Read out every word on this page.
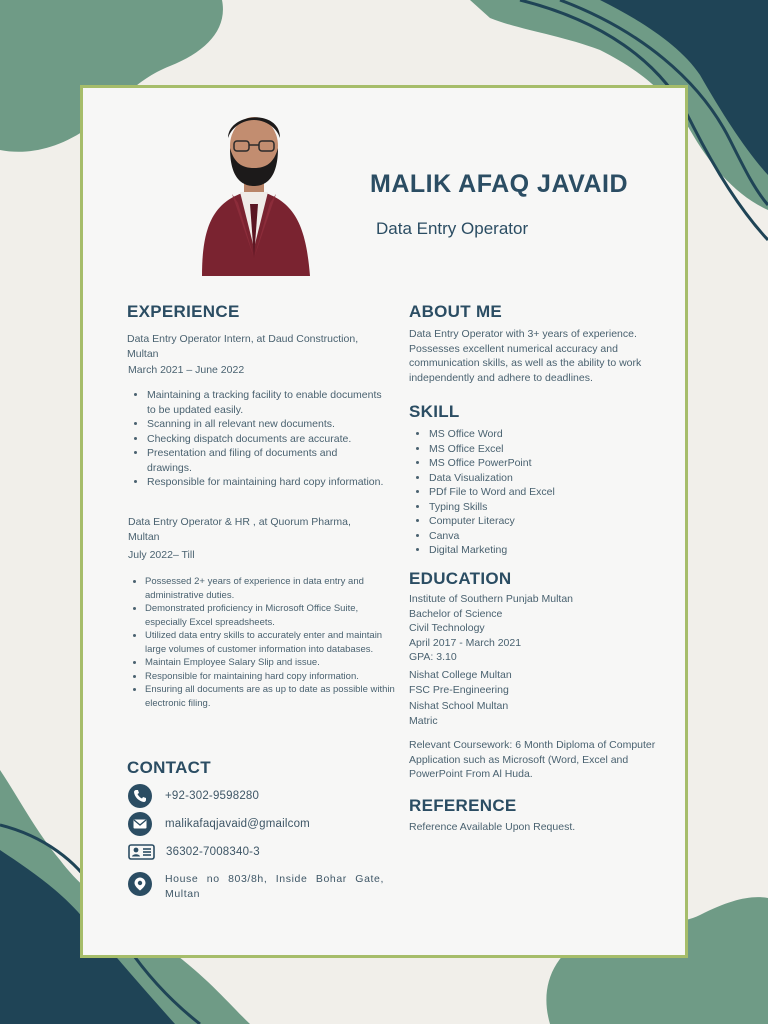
MALIK AFAQ JAVAID
Data Entry Operator
EXPERIENCE
Data Entry Operator Intern, at Daud Construction, Multan
March 2021 – June 2022
• Maintaining a tracking facility to enable documents to be updated easily.
• Scanning in all relevant new documents.
• Checking dispatch documents are accurate.
• Presentation and filing of documents and drawings.
• Responsible for maintaining hard copy information.
Data Entry Operator & HR , at Quorum Pharma, Multan
July 2022– Till
• Possessed 2+ years of experience in data entry and administrative duties.
• Demonstrated proficiency in Microsoft Office Suite, especially Excel spreadsheets.
• Utilized data entry skills to accurately enter and maintain large volumes of customer information into databases.
• Maintain Employee Salary Slip and issue.
• Responsible for maintaining hard copy information.
• Ensuring all documents are as up to date as possible within electronic filing.
CONTACT
+92-302-9598280
malikafaqjavaid@gmailcom
36302-7008340-3
House no 803/8h, Inside Bohar Gate, Multan
ABOUT ME
Data Entry Operator with 3+ years of experience. Possesses excellent numerical accuracy and communication skills, as well as the ability to work independently and adhere to deadlines.
SKILL
• MS Office Word
• MS Office Excel
• MS Office PowerPoint
• Data Visualization
• PDf File to Word and Excel
• Typing Skills
• Computer Literacy
• Canva
• Digital Marketing
EDUCATION
Institute of Southern Punjab Multan
Bachelor of Science
Civil Technology
April 2017 - March 2021
GPA: 3.10
Nishat College Multan
FSC Pre-Engineering
Nishat School Multan
Matric
Relevant Coursework: 6 Month Diploma of Computer Application such as Microsoft (Word, Excel and PowerPoint From Al Huda.
REFERENCE
Reference Available Upon Request.
